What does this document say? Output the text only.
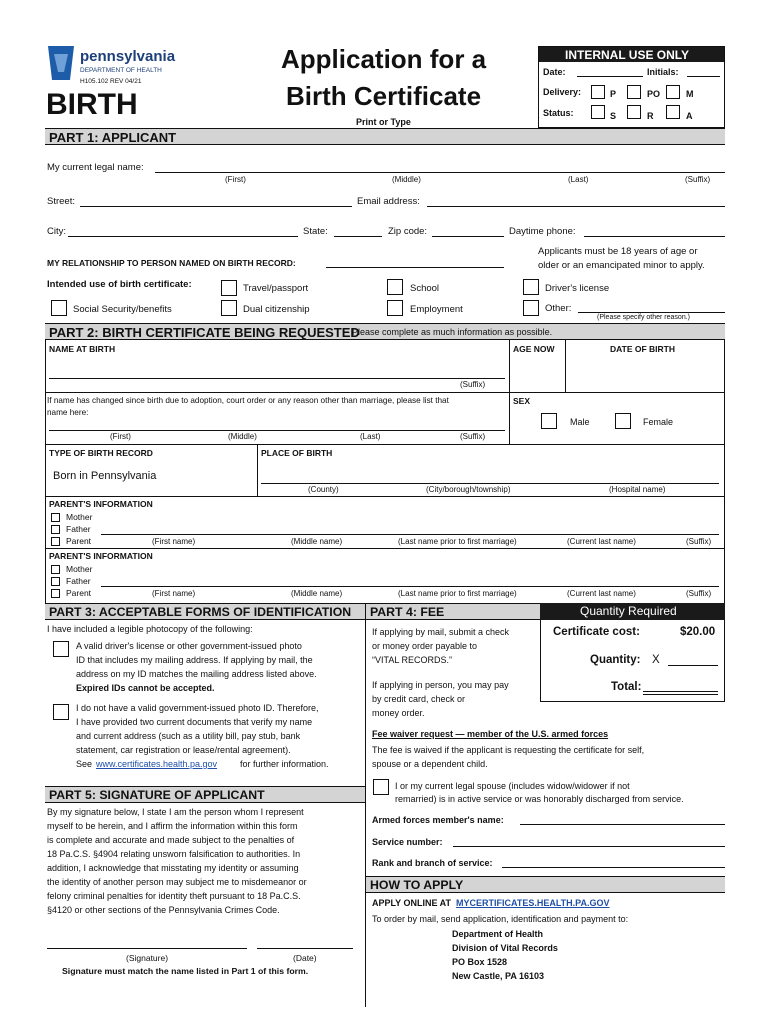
pennsylvania
DEPARTMENT OF HEALTH
H105.102 REV 04/21
BIRTH
Application for a
Birth Certificate
Print or Type
INTERNAL USE ONLY
Date:	Initials:
Delivery:	P	PO	M
Status:	S	R	A
PART 1: APPLICANT
My current legal name:
(First)	(Middle)	(Last)	(Suffix)
Street:	Email address:
City:	State:	Zip code:	Daytime phone:
Applicants must be 18 years of age or
older or an emancipated minor to apply.
MY RELATIONSHIP TO PERSON NAMED ON BIRTH RECORD:
Intended use of birth certificate:	Travel/passport	School	Driver's license
Social Security/benefits	Dual citizenship	Employment	Other:
(Please specify other reason.)
PART 2: BIRTH CERTIFICATE BEING REQUESTED
Please complete as much information as possible.
NAME AT BIRTH	AGE NOW	DATE OF BIRTH
(Suffix)
If name has changed since birth due to adoption, court order or any reason other than marriage, please list that
name here:
(First)	(Middle)	(Last)	(Suffix)
SEX
Male	Female
TYPE OF BIRTH RECORD
Born in Pennsylvania
PLACE OF BIRTH
(County)	(City/borough/township)	(Hospital name)
PARENT'S INFORMATION
Mother
Father
Parent	(First name)	(Middle name)	(Last name prior to first marriage)	(Current last name)	(Suffix)
PARENT'S INFORMATION
Mother
Father
Parent	(First name)	(Middle name)	(Last name prior to first marriage)	(Current last name)	(Suffix)
PART 3: ACCEPTABLE FORMS OF IDENTIFICATION PART 4: FEE	Quantity Required
I have included a legible photocopy of the following:
A valid driver's license or other government-issued photo
ID that includes my mailing address. If applying by mail, the
address on my ID matches the mailing address listed above.
Expired IDs cannot be accepted.
I do not have a valid government-issued photo ID. Therefore,
I have provided two current documents that verify my name
and current address (such as a utility bill, pay stub, bank
statement, car registration or lease/rental agreement).
See www.certificates.health.pa.gov	for further information.
If applying by mail, submit a check
or money order payable to
“VITAL RECORDS.”
If applying in person, you may pay
by credit card, check or
money order.
Certificate cost:	$20.00
Quantity: X
Total:
Fee waiver request — member of the U.S. armed forces
The fee is waived if the applicant is requesting the certificate for self,
spouse or a dependent child.
I or my current legal spouse (includes widow/widower if not
remarried) is in active service or was honorably discharged from service.
Armed forces member's name:
Service number:
Rank and branch of service:
PART 5: SIGNATURE OF APPLICANT
By my signature below, I state I am the person whom I represent
myself to be herein, and I affirm the information within this form
is complete and accurate and made subject to the penalties of
18 Pa.C.S. §4904 relating unsworn falsification to authorities. In
addition, I acknowledge that misstating my identity or assuming
the identity of another person may subject me to misdemeanor or
felony criminal penalties for identity theft pursuant to 18 Pa.C.S.
§4120 or other sections of the Pennsylvania Crimes Code.
(Signature)	(Date)
Signature must match the name listed in Part 1 of this form.
HOW TO APPLY
APPLY ONLINE AT MYCERTIFICATES.HEALTH.PA.GOV
To order by mail, send application, identification and payment to:
Department of Health
Division of Vital Records
PO Box 1528
New Castle, PA 16103
